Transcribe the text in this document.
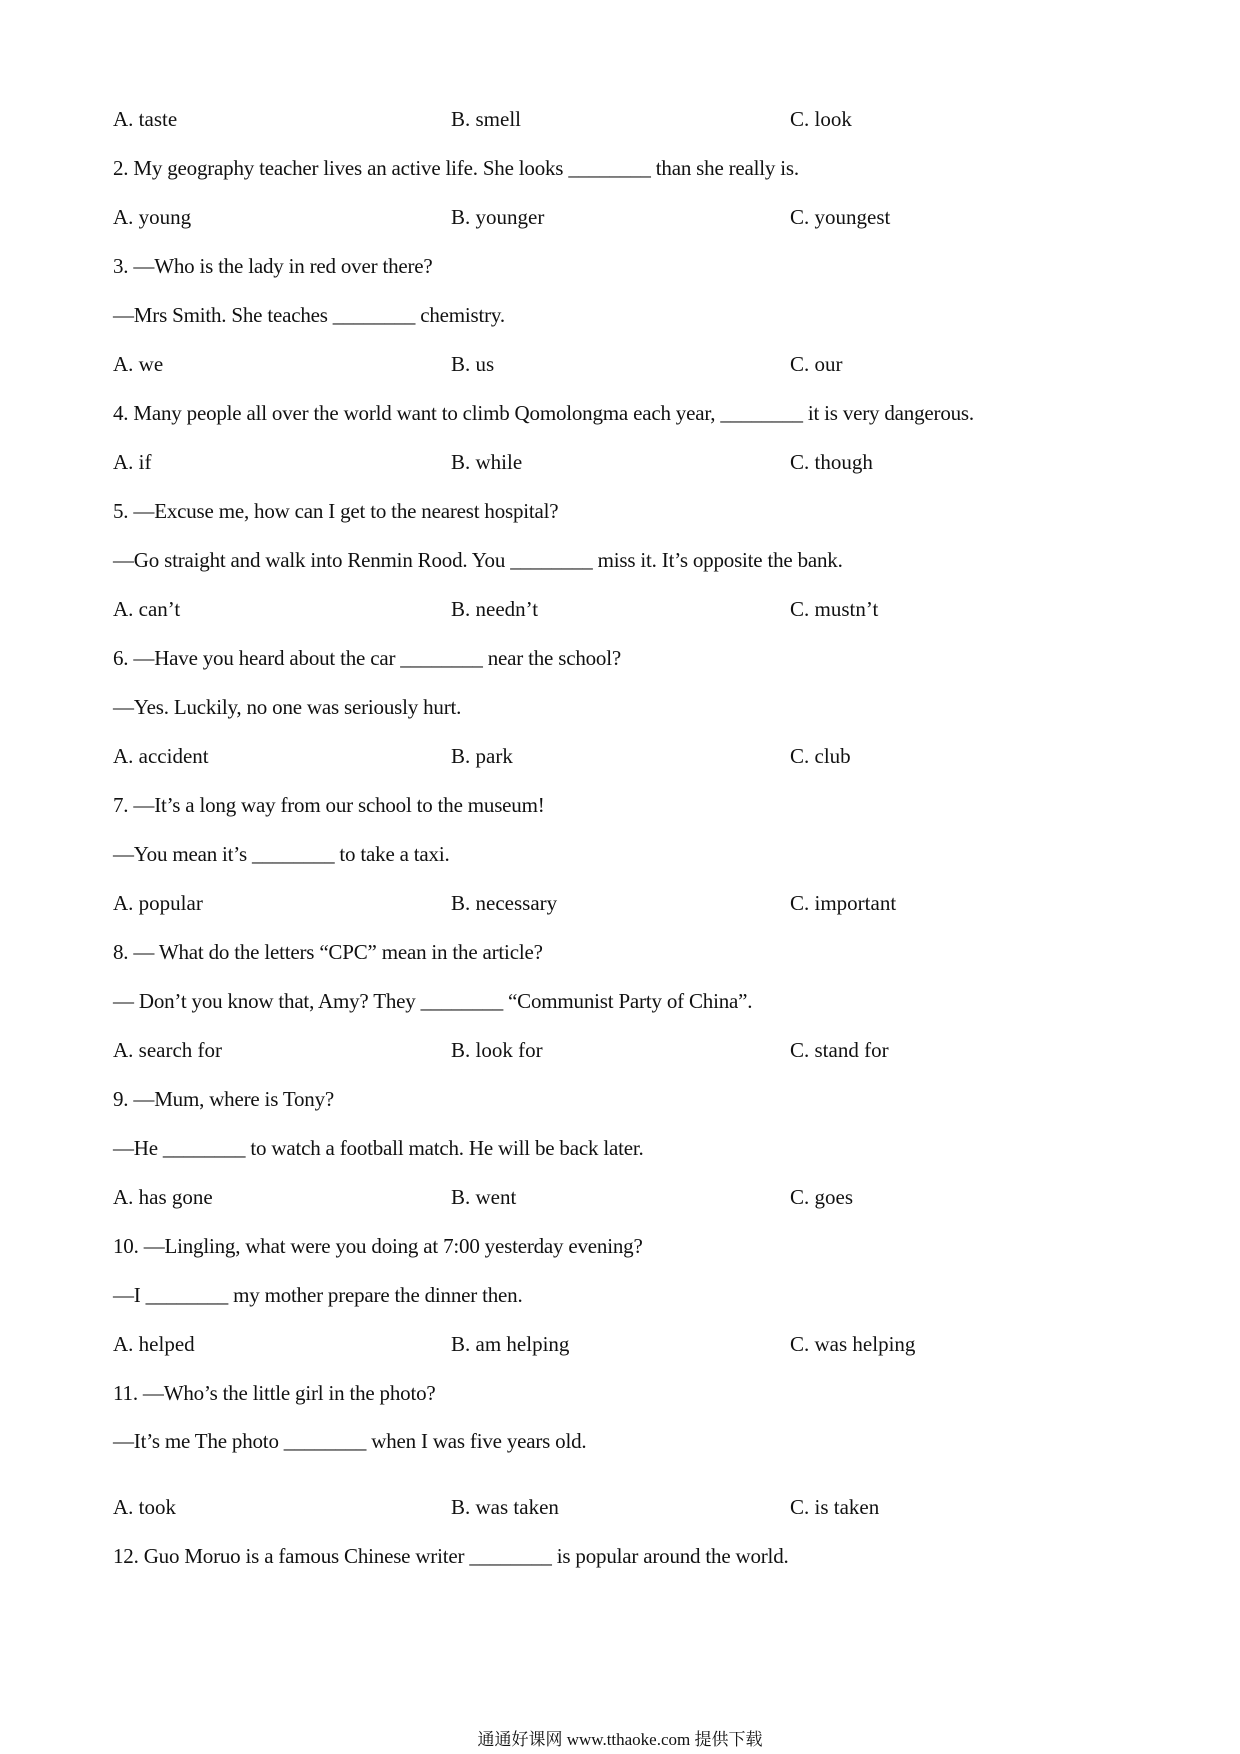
A. taste	B. smell	C. look
2. My geography teacher lives an active life. She looks ________ than she really is.
A. young	B. younger	C. youngest
3. —Who is the lady in red over there?
—Mrs Smith. She teaches ________ chemistry.
A. we	B. us	C. our
4. Many people all over the world want to climb Qomolongma each year, ________ it is very dangerous.
A. if	B. while	C. though
5. —Excuse me, how can I get to the nearest hospital?
—Go straight and walk into Renmin Rood. You ________ miss it. It’s opposite the bank.
A. can’t	B. needn’t	C. mustn’t
6. —Have you heard about the car ________ near the school?
—Yes. Luckily, no one was seriously hurt.
A. accident	B. park	C. club
7. —It’s a long way from our school to the museum!
—You mean it’s ________ to take a taxi.
A. popular	B. necessary	C. important
8. — What do the letters “CPC” mean in the article?
— Don’t you know that, Amy? They ________ “Communist Party of China”.
A. search for	B. look for	C. stand for
9. —Mum, where is Tony?
—He ________ to watch a football match. He will be back later.
A. has gone	B. went	C. goes
10. —Lingling, what were you doing at 7:00 yesterday evening?
—I ________ my mother prepare the dinner then.
A. helped	B. am helping	C. was helping
11. —Who’s the little girl in the photo?
—It’s me The photo ________ when I was five years old.
A. took	B. was taken	C. is taken
12. Guo Moruo is a famous Chinese writer ________ is popular around the world.
通通好课网 www.tthaoke.com 提供下载
